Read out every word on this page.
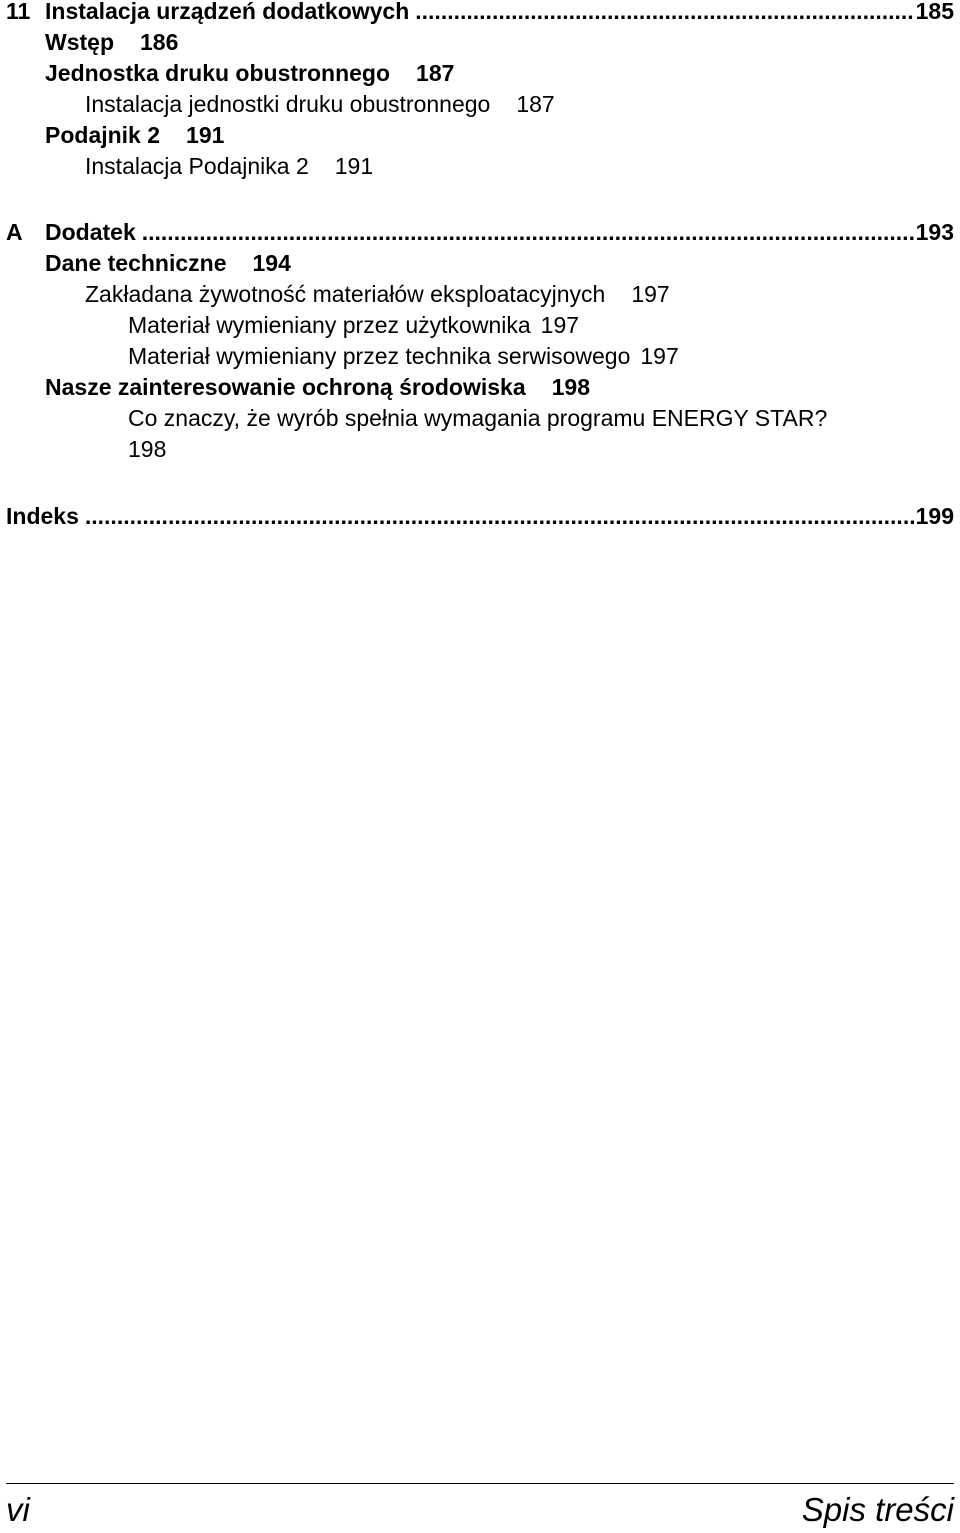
11 Instalacja urządzeń dodatkowych .....	185
Wstęp 186
Jednostka druku obustronnego 187
Instalacja jednostki druku obustronnego 187
Podajnik 2 191
Instalacja Podajnika 2 191
A Dodatek .....	193
Dane techniczne 194
Zakładana żywotność materiałów eksploatacyjnych 197
Materiał wymieniany przez użytkownika 197
Materiał wymieniany przez technika serwisowego 197
Nasze zainteresowanie ochroną środowiska 198
Co znaczy, że wyrób spełnia wymagania programu ENERGY STAR?
198
Indeks .....	199
vi	Spis treści
